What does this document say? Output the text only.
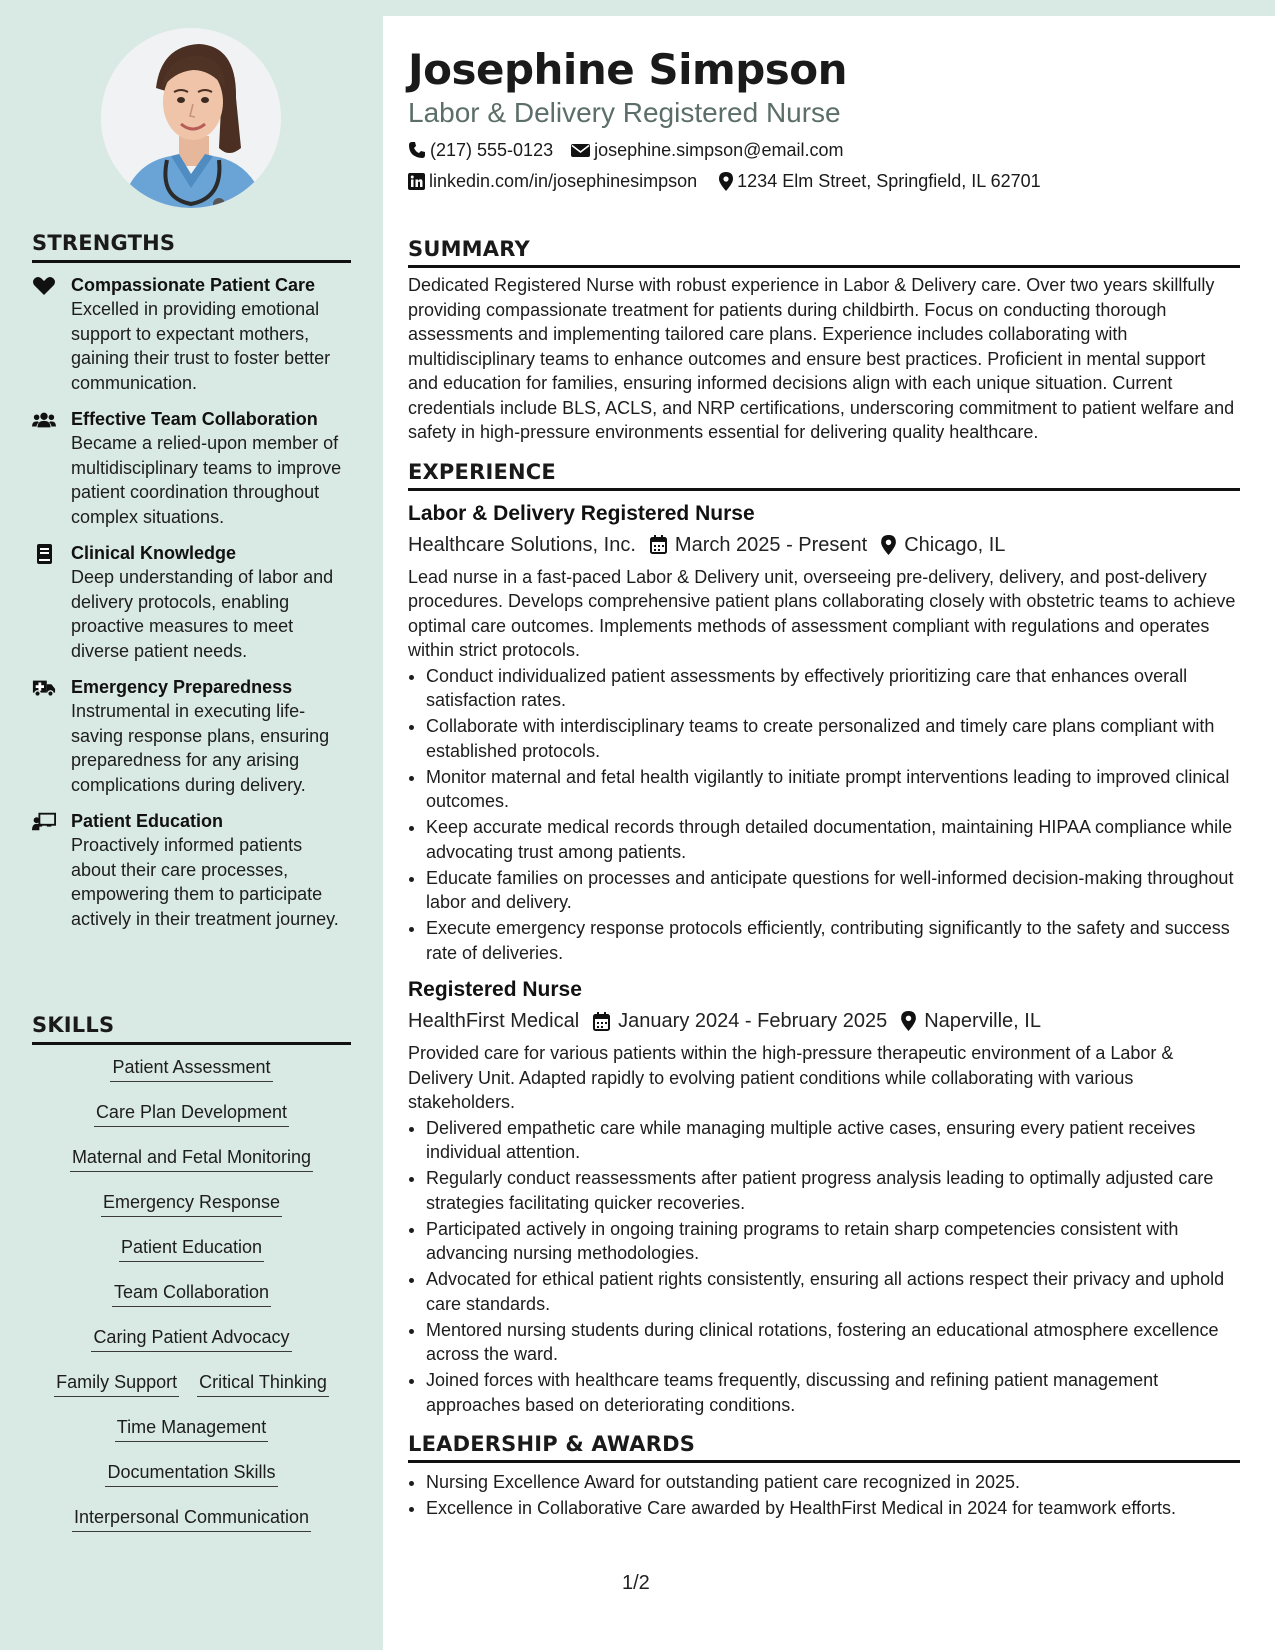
STRENGTHS
Compassionate Patient Care
Excelled in providing emotional support to expectant mothers, gaining their trust to foster better communication.
Effective Team Collaboration
Became a relied-upon member of multidisciplinary teams to improve patient coordination throughout complex situations.
Clinical Knowledge
Deep understanding of labor and delivery protocols, enabling proactive measures to meet diverse patient needs.
Emergency Preparedness
Instrumental in executing life-saving response plans, ensuring preparedness for any arising complications during delivery.
Patient Education
Proactively informed patients about their care processes, empowering them to participate actively in their treatment journey.
SKILLS
Patient Assessment
Care Plan Development
Maternal and Fetal Monitoring
Emergency Response
Patient Education
Team Collaboration
Caring Patient Advocacy
Family Support Critical Thinking
Time Management
Documentation Skills
Interpersonal Communication
Josephine Simpson
Labor & Delivery Registered Nurse
(217) 555-0123 josephine.simpson@email.com
linkedin.com/in/josephinesimpson 1234 Elm Street, Springfield, IL 62701
SUMMARY
Dedicated Registered Nurse with robust experience in Labor & Delivery care. Over two years skillfully providing compassionate treatment for patients during childbirth. Focus on conducting thorough assessments and implementing tailored care plans. Experience includes collaborating with multidisciplinary teams to enhance outcomes and ensure best practices. Proficient in mental support and education for families, ensuring informed decisions align with each unique situation. Current credentials include BLS, ACLS, and NRP certifications, underscoring commitment to patient welfare and safety in high-pressure environments essential for delivering quality healthcare.
EXPERIENCE
Labor & Delivery Registered Nurse
Healthcare Solutions, Inc. March 2025 - Present Chicago, IL
Lead nurse in a fast-paced Labor & Delivery unit, overseeing pre-delivery, delivery, and post-delivery procedures. Develops comprehensive patient plans collaborating closely with obstetric teams to achieve optimal care outcomes. Implements methods of assessment compliant with regulations and operates within strict protocols.
• Conduct individualized patient assessments by effectively prioritizing care that enhances overall satisfaction rates.
• Collaborate with interdisciplinary teams to create personalized and timely care plans compliant with established protocols.
• Monitor maternal and fetal health vigilantly to initiate prompt interventions leading to improved clinical outcomes.
• Keep accurate medical records through detailed documentation, maintaining HIPAA compliance while advocating trust among patients.
• Educate families on processes and anticipate questions for well-informed decision-making throughout labor and delivery.
• Execute emergency response protocols efficiently, contributing significantly to the safety and success rate of deliveries.
Registered Nurse
HealthFirst Medical January 2024 - February 2025 Naperville, IL
Provided care for various patients within the high-pressure therapeutic environment of a Labor & Delivery Unit. Adapted rapidly to evolving patient conditions while collaborating with various stakeholders.
• Delivered empathetic care while managing multiple active cases, ensuring every patient receives individual attention.
• Regularly conduct reassessments after patient progress analysis leading to optimally adjusted care strategies facilitating quicker recoveries.
• Participated actively in ongoing training programs to retain sharp competencies consistent with advancing nursing methodologies.
• Advocated for ethical patient rights consistently, ensuring all actions respect their privacy and uphold care standards.
• Mentored nursing students during clinical rotations, fostering an educational atmosphere excellence across the ward.
• Joined forces with healthcare teams frequently, discussing and refining patient management approaches based on deteriorating conditions.
LEADERSHIP & AWARDS
• Nursing Excellence Award for outstanding patient care recognized in 2025.
• Excellence in Collaborative Care awarded by HealthFirst Medical in 2024 for teamwork efforts.
1/2
